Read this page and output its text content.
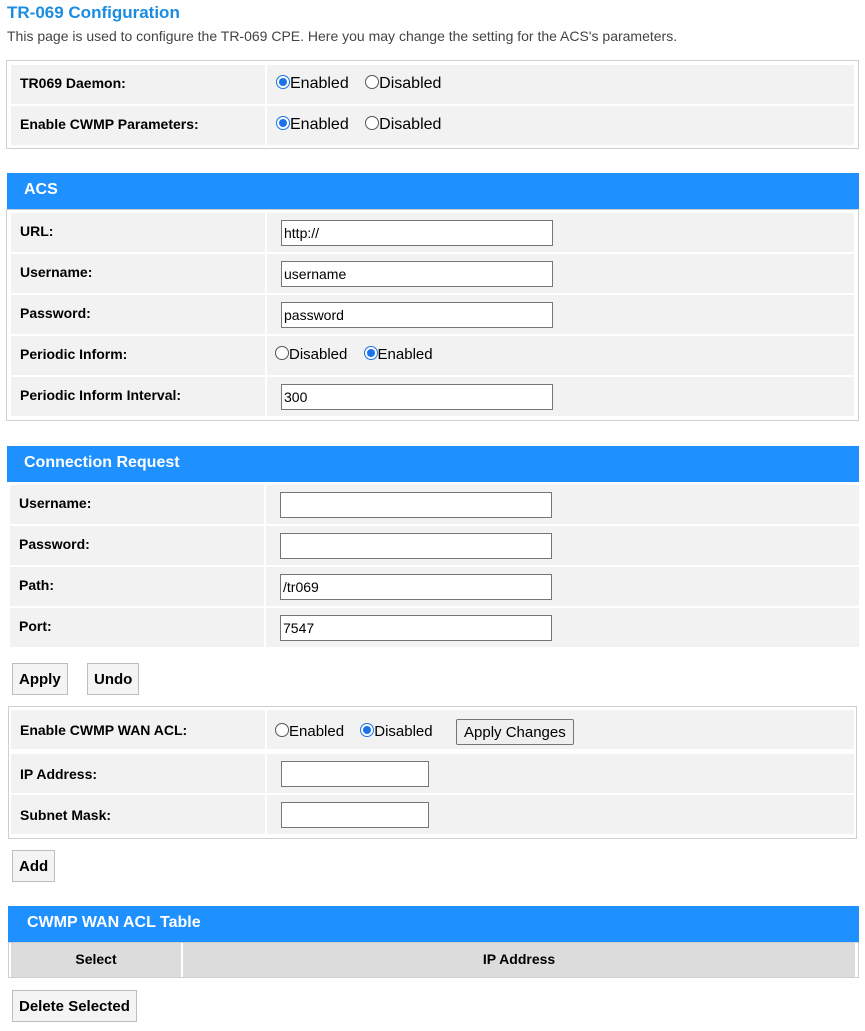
TR-069 Configuration
This page is used to configure the TR-069 CPE. Here you may change the setting for the ACS's parameters.
TR069 Daemon:	Enabled Disabled
Enable CWMP Parameters:	Enabled Disabled
ACS
URL:
http://
Username:
username
Password:
password
Periodic Inform:	Disabled Enabled
Periodic Inform Interval:
300
Connection Request
Username:
Password:
Path:
/tr069
Port:
7547
Apply	Undo
Enable CWMP WAN ACL:	Enabled Disabled	Apply Changes
IP Address:
Subnet Mask:
Add
CWMP WAN ACL Table
Select	IP Address
Delete Selected
